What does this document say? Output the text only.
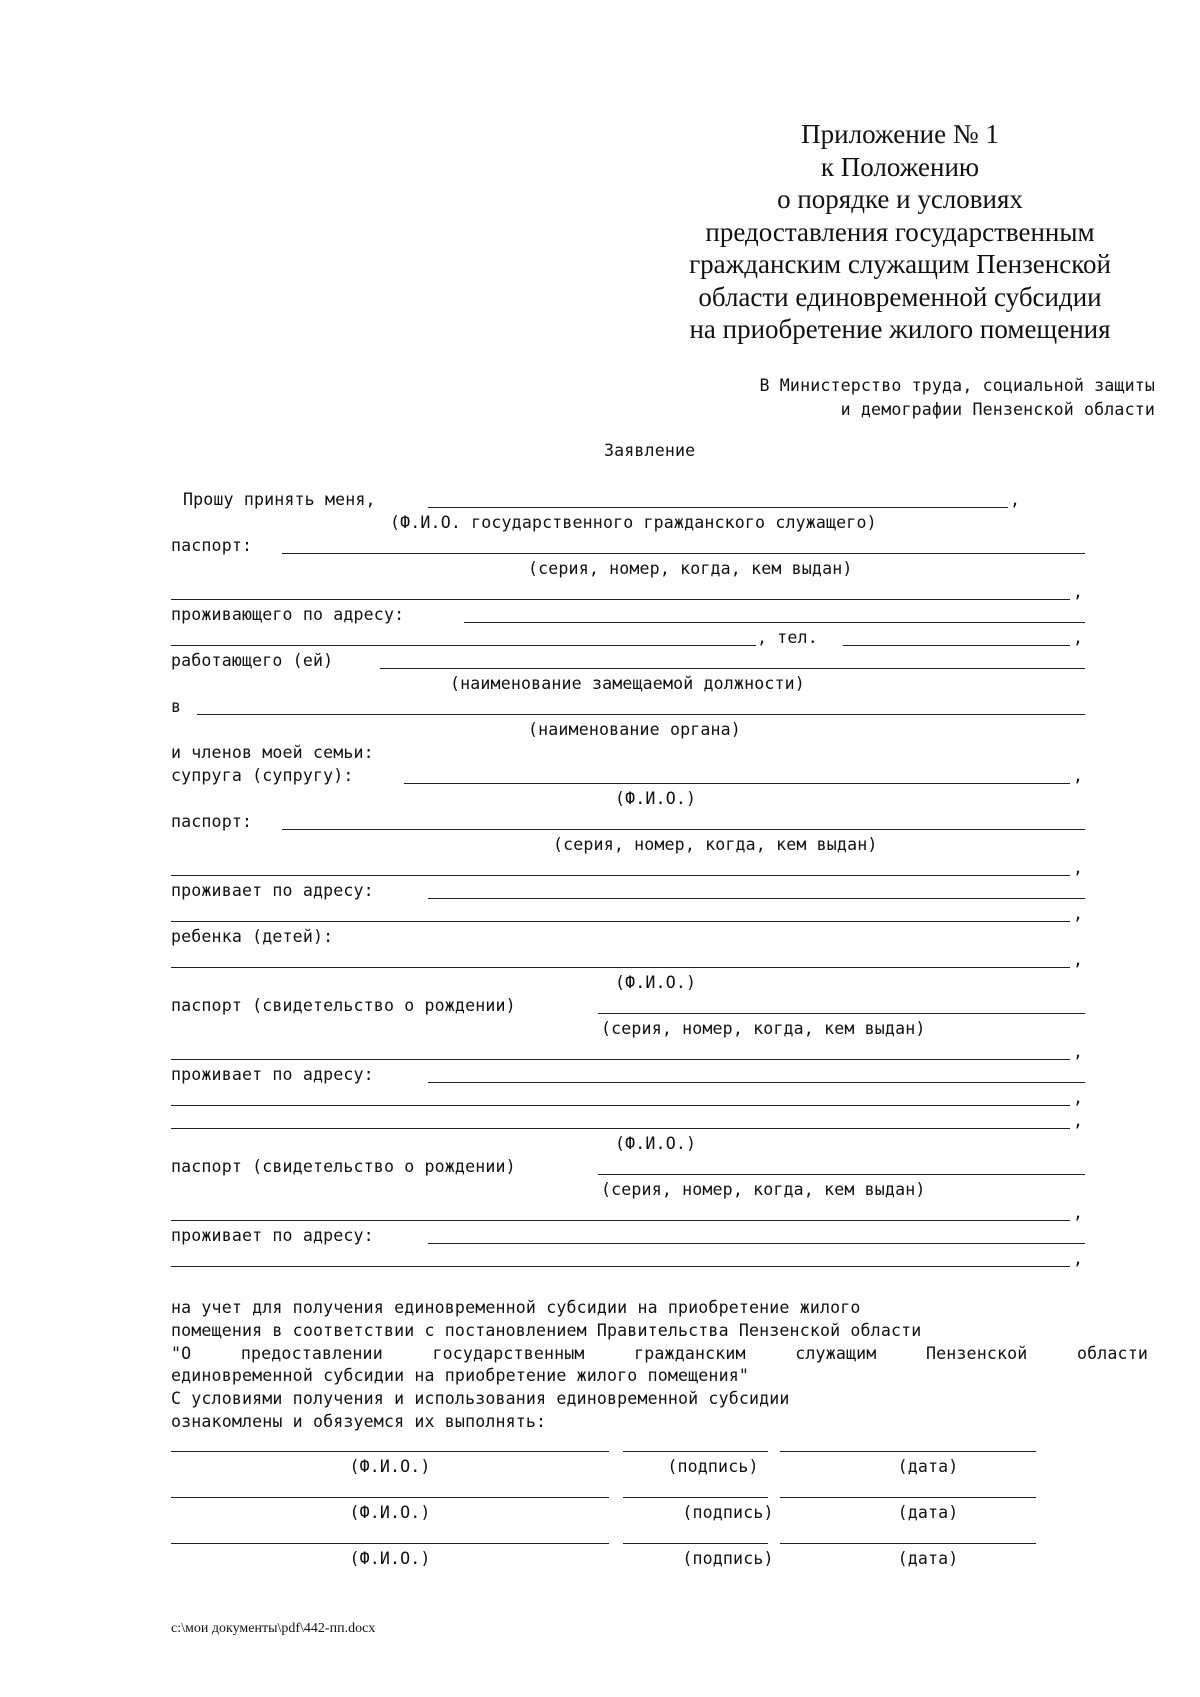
Приложение № 1
к Положению
о порядке и условиях
предоставления государственным
гражданским служащим Пензенской
области единовременной субсидии
на приобретение жилого помещения
В Министерство труда, социальной защиты
и демографии Пензенской области
Заявление
Прошу принять меня,	,
(Ф.И.О. государственного гражданского служащего)
паспорт:
(серия, номер, когда, кем выдан)
,
проживающего по адресу:
, тел.	,
работающего (ей)
(наименование замещаемой должности)
в
(наименование органа)
и членов моей семьи:
супруга (супругу):	,
(Ф.И.О.)
паспорт:
(серия, номер, когда, кем выдан)
,
проживает по адресу:
,
ребенка (детей):
,
(Ф.И.О.)
паспорт (свидетельство о рождении)
(серия, номер, когда, кем выдан)
,
проживает по адресу:
,
,
(Ф.И.О.)
паспорт (свидетельство о рождении)
(серия, номер, когда, кем выдан)
,
проживает по адресу:
,
на учет для получения единовременной субсидии на приобретение жилого
помещения в соответствии с постановлением Правительства Пензенской области
"О	предоставлении	государственным	гражданским	служащим	Пензенской	области
единовременной субсидии на приобретение жилого помещения"
С условиями получения и использования единовременной субсидии
ознакомлены и обязуемся их выполнять:
(Ф.И.О.)	(подпись)	(дата)
(Ф.И.О.)	(подпись)	(дата)
(Ф.И.О.)	(подпись)	(дата)
c:\мои документы\pdf\442-пп.docx
